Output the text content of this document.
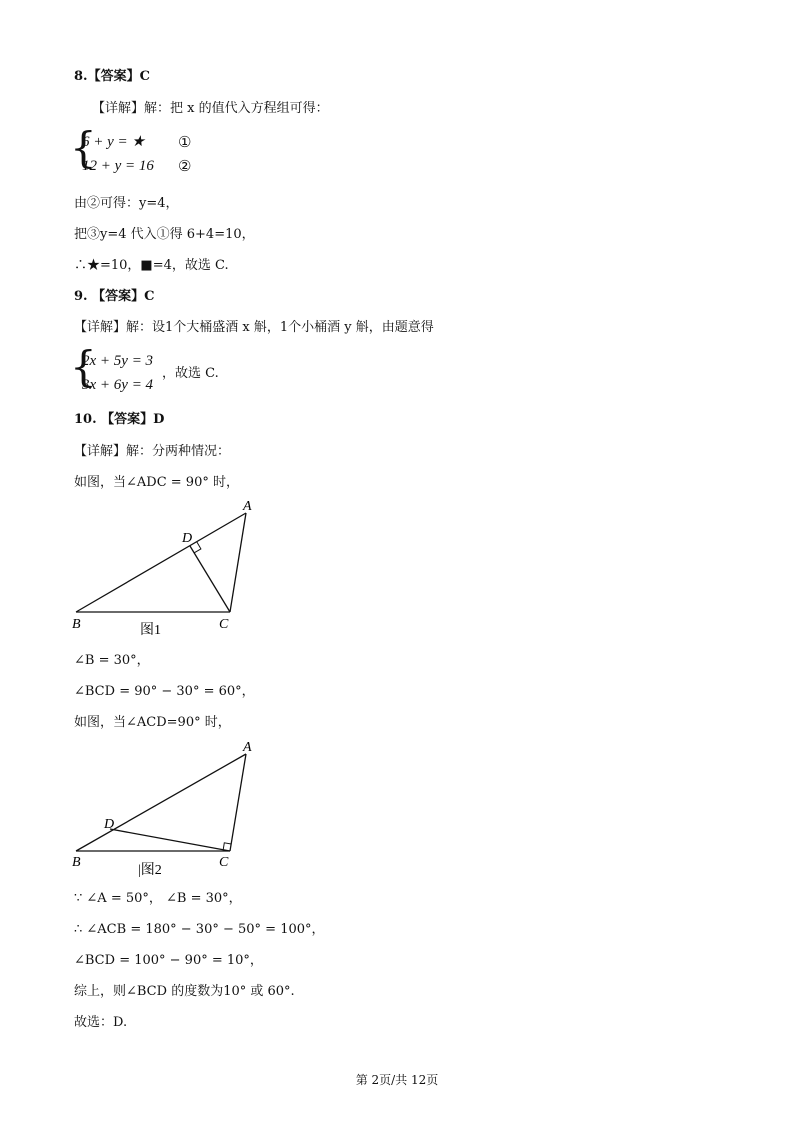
8.【答案】C
【详解】解：把 x 的值代入方程组可得：
{
6 + y = ★ ①
12 + y = 16 ②
由②可得：y=4，
把③y=4 代入①得 6+4=10，
∴★=10，■=4，故选 C.
9. 【答案】C
【详解】解：设1个大桶盛酒 x 斛，1个小桶酒 y 斛，由题意得
{
2x + 5y = 3
3x + 6y = 4
，故选 C.
10. 【答案】D
【详解】解：分两种情况：
如图，当∠ADC = 90° 时，
A
D
B	C
图1
∠B = 30°，
∠BCD = 90° − 30° = 60°，
如图，当∠ACD=90° 时，
A
D
B	C
|图2
∵ ∠A = 50°， ∠B = 30°，
∴ ∠ACB = 180° − 30° − 50° = 100°，
∠BCD = 100° − 90° = 10°，
综上，则∠BCD 的度数为10° 或 60°.
故选：D.
第 2页/共 12页
